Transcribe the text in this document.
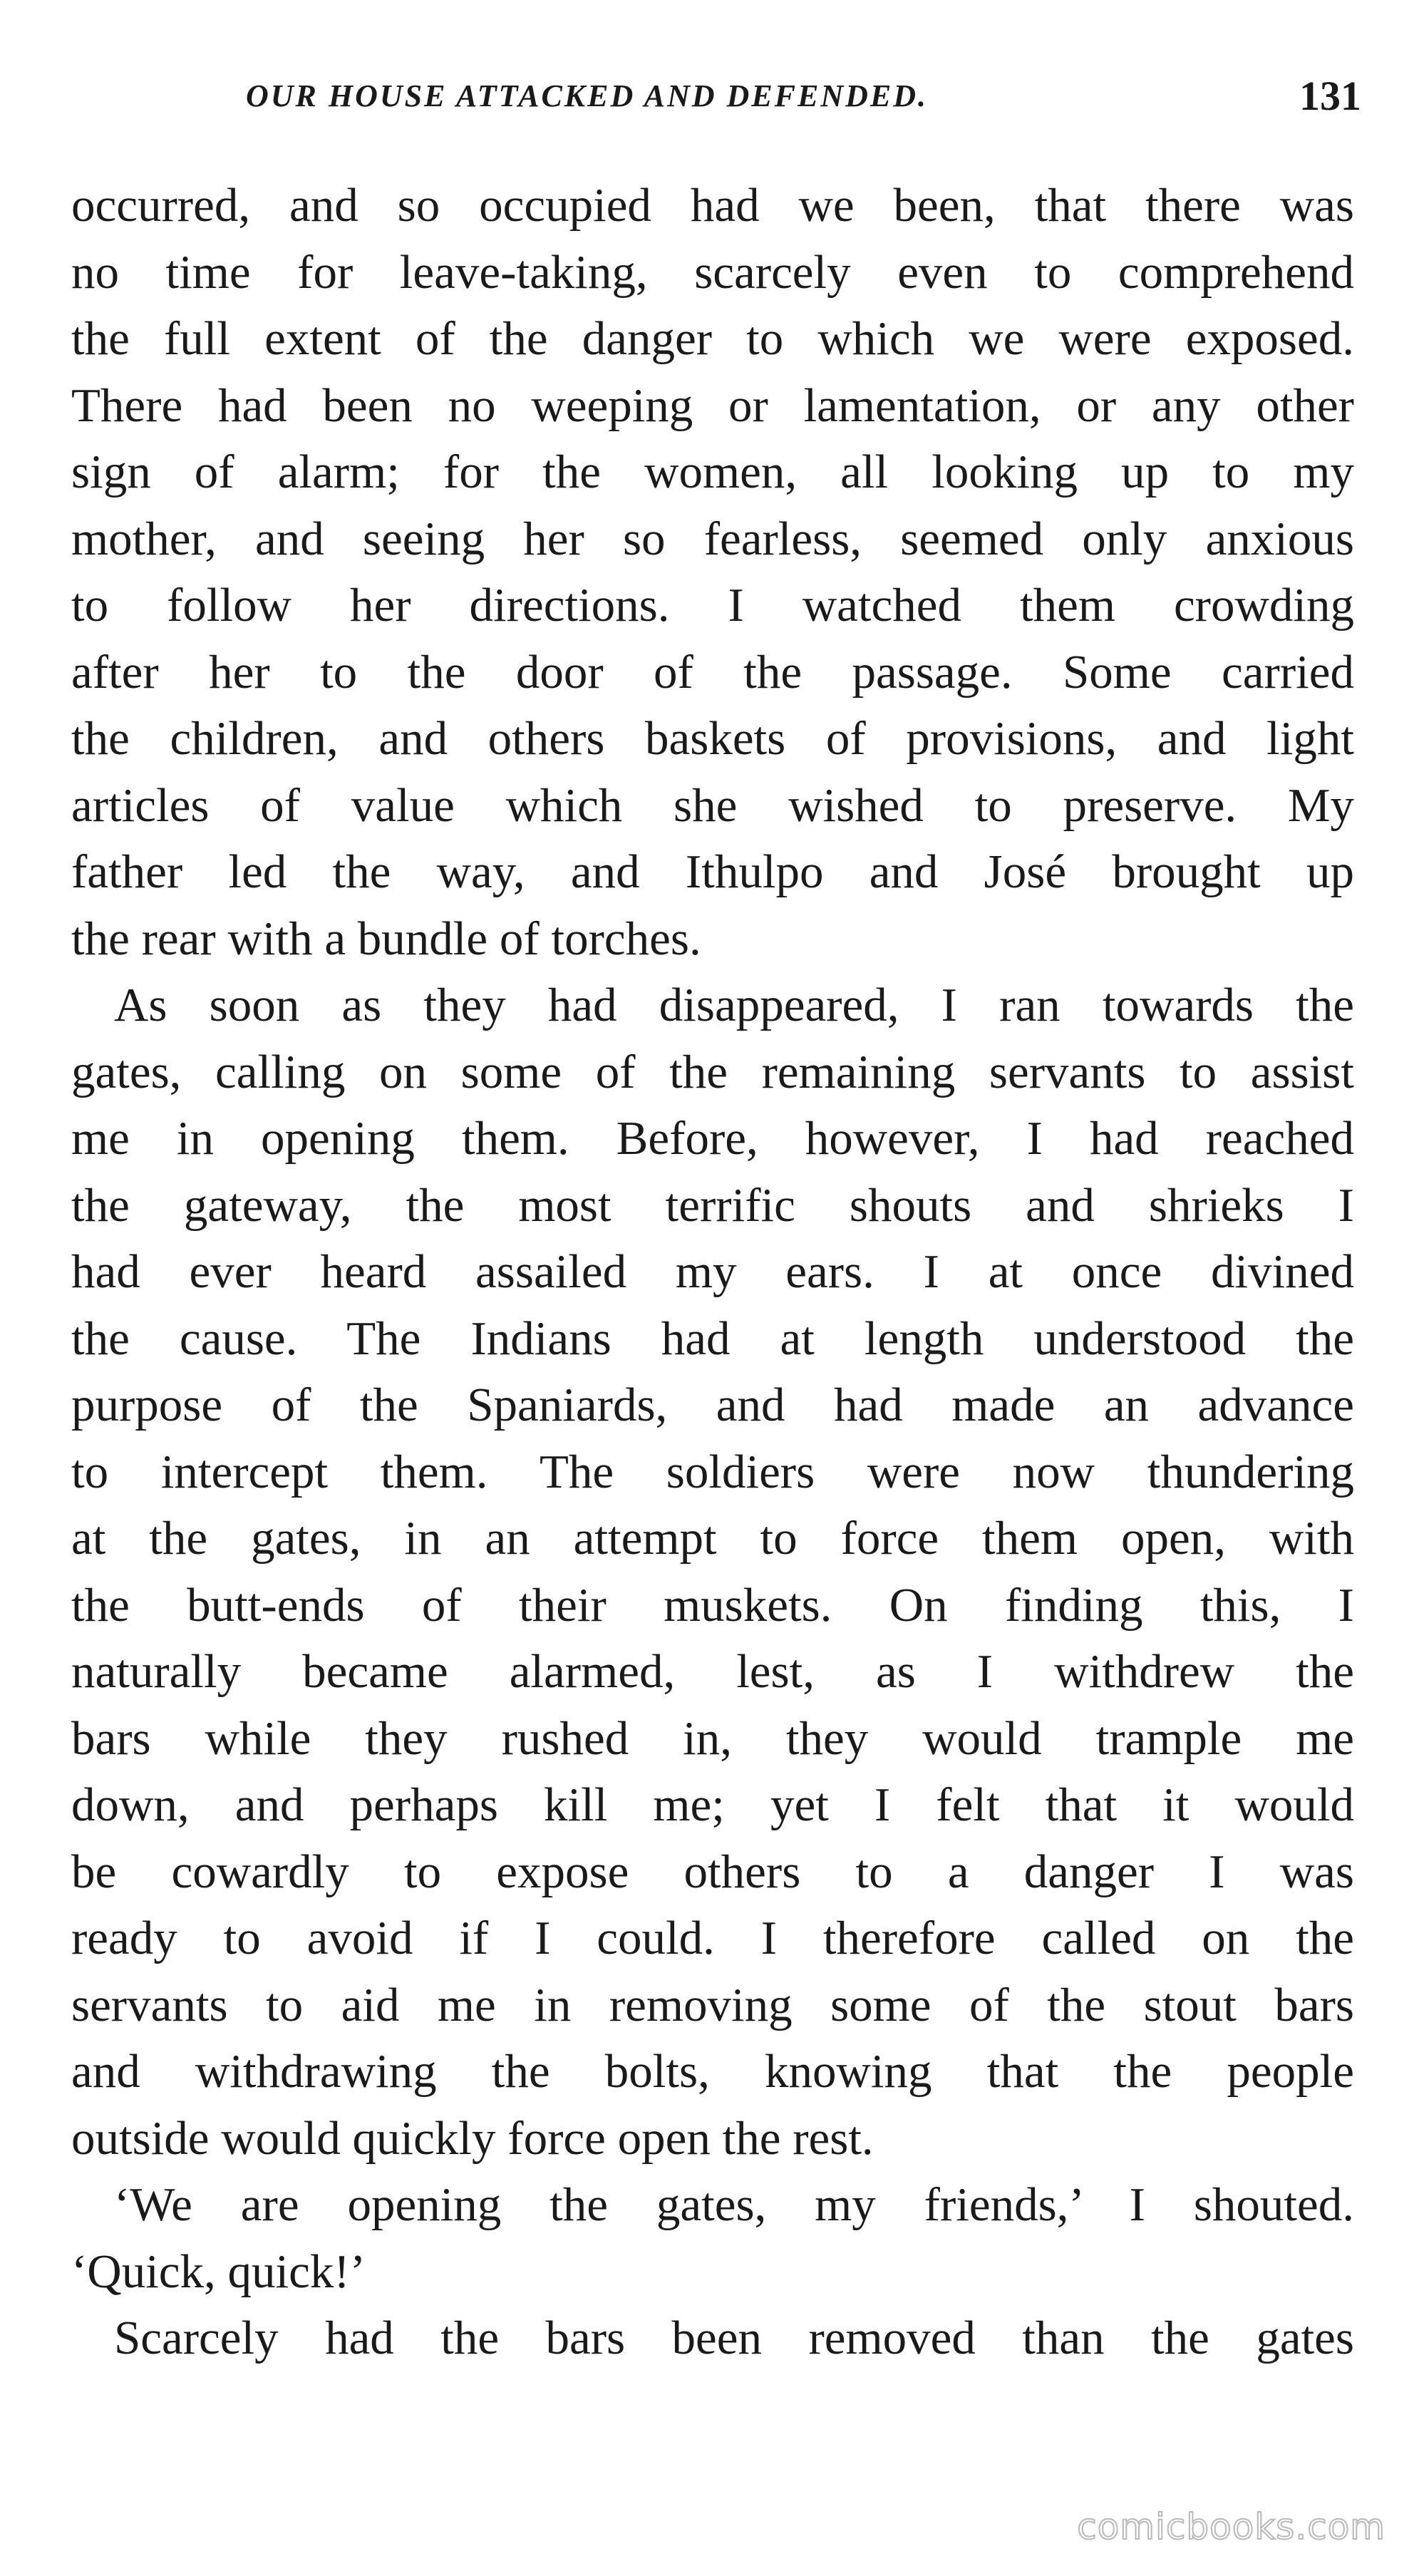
OUR HOUSE ATTACKED AND DEFENDED.	131
occurred, and so occupied had we been, that there was
no time for leave-taking, scarcely even to comprehend
the full extent of the danger to which we were exposed.
There had been no weeping or lamentation, or any other
sign of alarm; for the women, all looking up to my
mother, and seeing her so fearless, seemed only anxious
to follow her directions. I watched them crowding
after her to the door of the passage. Some carried
the children, and others baskets of provisions, and light
articles of value which she wished to preserve. My
father led the way, and Ithulpo and José brought up
the rear with a bundle of torches.
As soon as they had disappeared, I ran towards the
gates, calling on some of the remaining servants to assist
me in opening them. Before, however, I had reached
the gateway, the most terrific shouts and shrieks I
had ever heard assailed my ears. I at once divined
the cause. The Indians had at length understood the
purpose of the Spaniards, and had made an advance
to intercept them. The soldiers were now thundering
at the gates, in an attempt to force them open, with
the butt-ends of their muskets. On finding this, I
naturally became alarmed, lest, as I withdrew the
bars while they rushed in, they would trample me
down, and perhaps kill me; yet I felt that it would
be cowardly to expose others to a danger I was
ready to avoid if I could. I therefore called on the
servants to aid me in removing some of the stout bars
and withdrawing the bolts, knowing that the people
outside would quickly force open the rest.
‘We are opening the gates, my friends,’ I shouted.
‘Quick, quick!’
Scarcely had the bars been removed than the gates
comicbooks.com
